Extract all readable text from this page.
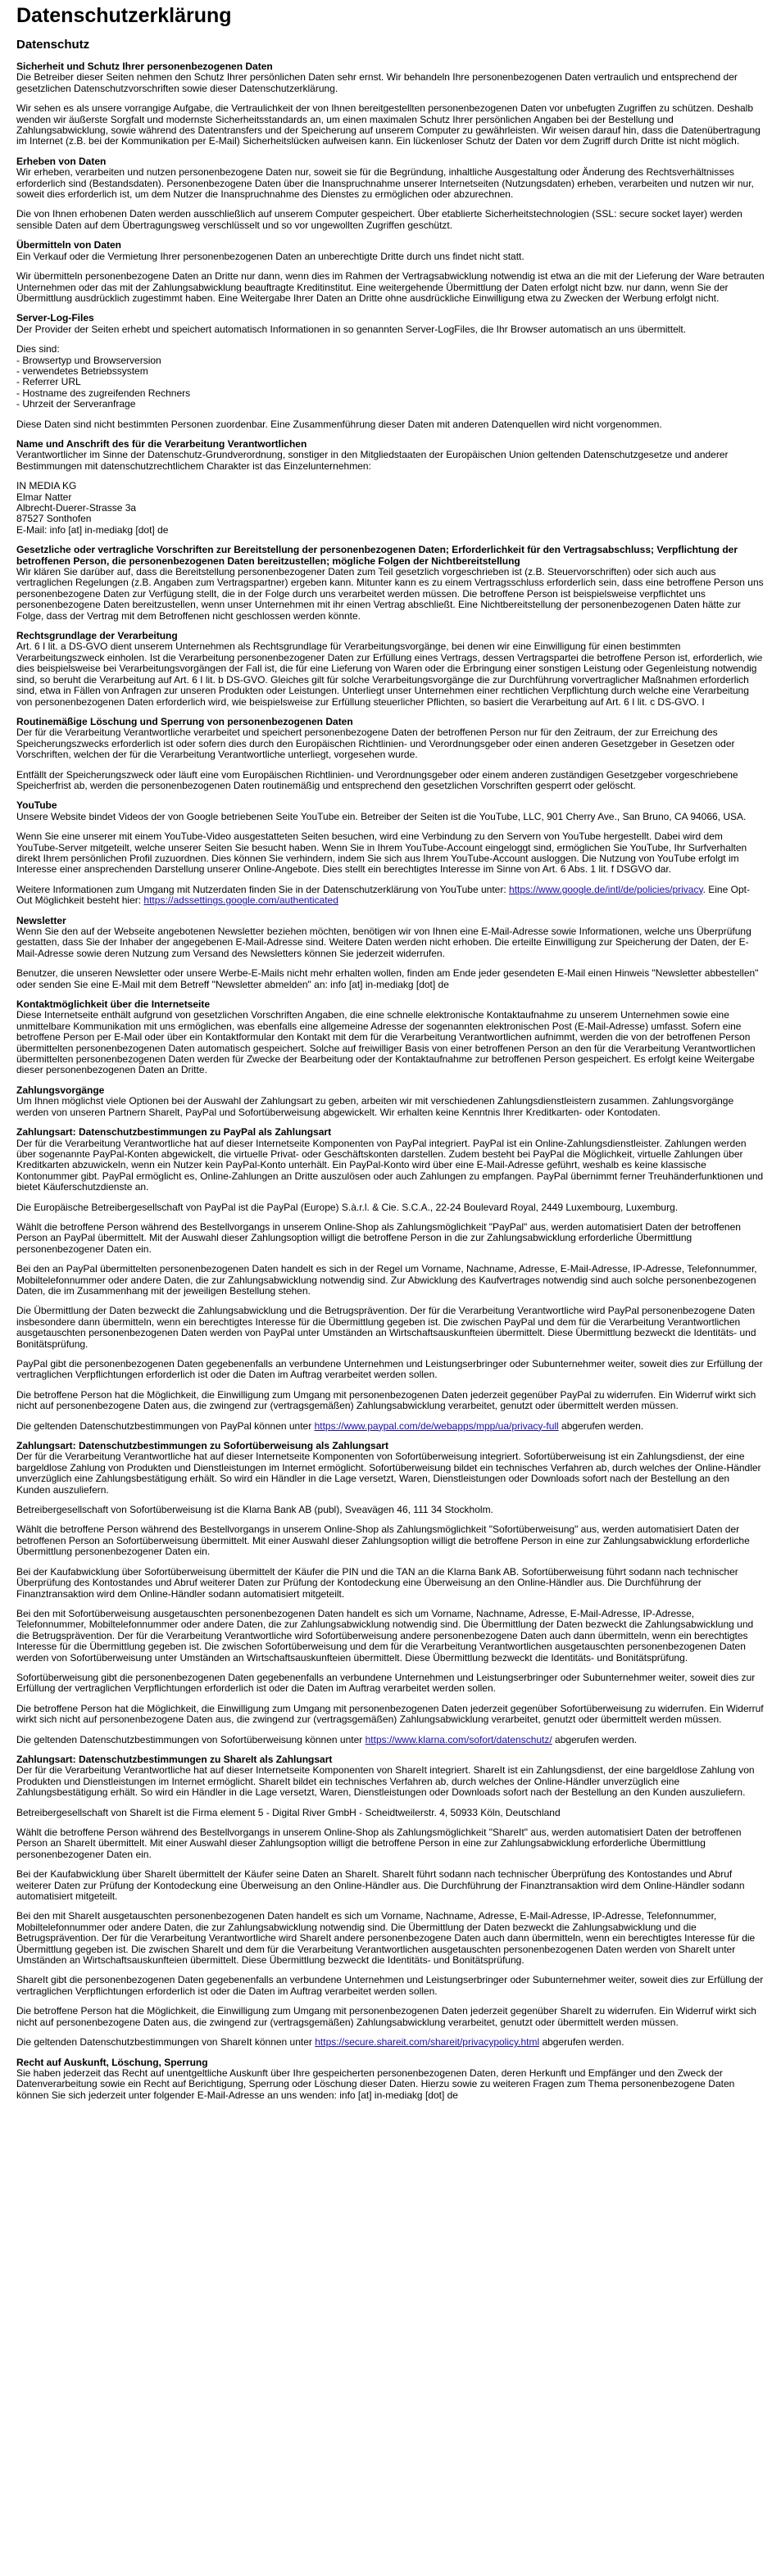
Datenschutzerklärung
Datenschutz
Sicherheit und Schutz Ihrer personenbezogenen Daten
Die Betreiber dieser Seiten nehmen den Schutz Ihrer persönlichen Daten sehr ernst. Wir behandeln Ihre personenbezogenen Daten vertraulich und entsprechend der gesetzlichen Datenschutzvorschriften sowie dieser Datenschutzerklärung.
Wir sehen es als unsere vorrangige Aufgabe, die Vertraulichkeit der von Ihnen bereitgestellten personenbezogenen Daten vor unbefugten Zugriffen zu schützen. Deshalb wenden wir äußerste Sorgfalt und modernste Sicherheitsstandards an, um einen maximalen Schutz Ihrer persönlichen Angaben bei der Bestellung und Zahlungsabwicklung, sowie während des Datentransfers und der Speicherung auf unserem Computer zu gewährleisten. Wir weisen darauf hin, dass die Datenübertragung im Internet (z.B. bei der Kommunikation per E-Mail) Sicherheitslücken aufweisen kann. Ein lückenloser Schutz der Daten vor dem Zugriff durch Dritte ist nicht möglich.
Erheben von Daten
Wir erheben, verarbeiten und nutzen personenbezogene Daten nur, soweit sie für die Begründung, inhaltliche Ausgestaltung oder Änderung des Rechtsverhältnisses erforderlich sind (Bestandsdaten). Personenbezogene Daten über die Inanspruchnahme unserer Internetseiten (Nutzungsdaten) erheben, verarbeiten und nutzen wir nur, soweit dies erforderlich ist, um dem Nutzer die Inanspruchnahme des Dienstes zu ermöglichen oder abzurechnen.
Die von Ihnen erhobenen Daten werden ausschließlich auf unserem Computer gespeichert. Über etablierte Sicherheitstechnologien (SSL: secure socket layer) werden sensible Daten auf dem Übertragungsweg verschlüsselt und so vor ungewollten Zugriffen geschützt.
Übermitteln von Daten
Ein Verkauf oder die Vermietung Ihrer personenbezogenen Daten an unberechtigte Dritte durch uns findet nicht statt.
Wir übermitteln personenbezogene Daten an Dritte nur dann, wenn dies im Rahmen der Vertragsabwicklung notwendig ist etwa an die mit der Lieferung der Ware betrauten Unternehmen oder das mit der Zahlungsabwicklung beauftragte Kreditinstitut. Eine weitergehende Übermittlung der Daten erfolgt nicht bzw. nur dann, wenn Sie der Übermittlung ausdrücklich zugestimmt haben. Eine Weitergabe Ihrer Daten an Dritte ohne ausdrückliche Einwilligung etwa zu Zwecken der Werbung erfolgt nicht.
Server-Log-Files
Der Provider der Seiten erhebt und speichert automatisch Informationen in so genannten Server-LogFiles, die Ihr Browser automatisch an uns übermittelt.
Dies sind:
- Browsertyp und Browserversion
- verwendetes Betriebssystem
- Referrer URL
- Hostname des zugreifenden Rechners
- Uhrzeit der Serveranfrage
Diese Daten sind nicht bestimmten Personen zuordenbar. Eine Zusammenführung dieser Daten mit anderen Datenquellen wird nicht vorgenommen.
Name und Anschrift des für die Verarbeitung Verantwortlichen
Verantwortlicher im Sinne der Datenschutz-Grundverordnung, sonstiger in den Mitgliedstaaten der Europäischen Union geltenden Datenschutzgesetze und anderer Bestimmungen mit datenschutzrechtlichem Charakter ist das Einzelunternehmen:
IN MEDIA KG
Elmar Natter
Albrecht-Duerer-Strasse 3a
87527 Sonthofen
E-Mail: info [at] in-mediakg [dot] de
Gesetzliche oder vertragliche Vorschriften zur Bereitstellung der personenbezogenen Daten; Erforderlichkeit für den Vertragsabschluss; Verpflichtung der betroffenen Person, die personenbezogenen Daten bereitzustellen; mögliche Folgen der Nichtbereitstellung
Wir klären Sie darüber auf, dass die Bereitstellung personenbezogener Daten zum Teil gesetzlich vorgeschrieben ist (z.B. Steuervorschriften) oder sich auch aus vertraglichen Regelungen (z.B. Angaben zum Vertragspartner) ergeben kann. Mitunter kann es zu einem Vertragsschluss erforderlich sein, dass eine betroffene Person uns personenbezogene Daten zur Verfügung stellt, die in der Folge durch uns verarbeitet werden müssen. Die betroffene Person ist beispielsweise verpflichtet uns personenbezogene Daten bereitzustellen, wenn unser Unternehmen mit ihr einen Vertrag abschließt. Eine Nichtbereitstellung der personenbezogenen Daten hätte zur Folge, dass der Vertrag mit dem Betroffenen nicht geschlossen werden könnte.
Rechtsgrundlage der Verarbeitung
Art. 6 I lit. a DS-GVO dient unserem Unternehmen als Rechtsgrundlage für Verarbeitungsvorgänge, bei denen wir eine Einwilligung für einen bestimmten Verarbeitungszweck einholen. Ist die Verarbeitung personenbezogener Daten zur Erfüllung eines Vertrags, dessen Vertragspartei die betroffene Person ist, erforderlich, wie dies beispielsweise bei Verarbeitungsvorgängen der Fall ist, die für eine Lieferung von Waren oder die Erbringung einer sonstigen Leistung oder Gegenleistung notwendig sind, so beruht die Verarbeitung auf Art. 6 I lit. b DS-GVO. Gleiches gilt für solche Verarbeitungsvorgänge die zur Durchführung vorvertraglicher Maßnahmen erforderlich sind, etwa in Fällen von Anfragen zur unseren Produkten oder Leistungen. Unterliegt unser Unternehmen einer rechtlichen Verpflichtung durch welche eine Verarbeitung von personenbezogenen Daten erforderlich wird, wie beispielsweise zur Erfüllung steuerlicher Pflichten, so basiert die Verarbeitung auf Art. 6 I lit. c DS-GVO. I
Routinemäßige Löschung und Sperrung von personenbezogenen Daten
Der für die Verarbeitung Verantwortliche verarbeitet und speichert personenbezogene Daten der betroffenen Person nur für den Zeitraum, der zur Erreichung des Speicherungszwecks erforderlich ist oder sofern dies durch den Europäischen Richtlinien- und Verordnungsgeber oder einen anderen Gesetzgeber in Gesetzen oder Vorschriften, welchen der für die Verarbeitung Verantwortliche unterliegt, vorgesehen wurde.
Entfällt der Speicherungszweck oder läuft eine vom Europäischen Richtlinien- und Verordnungsgeber oder einem anderen zuständigen Gesetzgeber vorgeschriebene Speicherfrist ab, werden die personenbezogenen Daten routinemäßig und entsprechend den gesetzlichen Vorschriften gesperrt oder gelöscht.
YouTube
Unsere Website bindet Videos der von Google betriebenen Seite YouTube ein. Betreiber der Seiten ist die YouTube, LLC, 901 Cherry Ave., San Bruno, CA 94066, USA.
Wenn Sie eine unserer mit einem YouTube-Video ausgestatteten Seiten besuchen, wird eine Verbindung zu den Servern von YouTube hergestellt. Dabei wird dem YouTube-Server mitgeteilt, welche unserer Seiten Sie besucht haben. Wenn Sie in Ihrem YouTube-Account eingeloggt sind, ermöglichen Sie YouTube, Ihr Surfverhalten direkt Ihrem persönlichen Profil zuzuordnen. Dies können Sie verhindern, indem Sie sich aus Ihrem YouTube-Account ausloggen. Die Nutzung von YouTube erfolgt im Interesse einer ansprechenden Darstellung unserer Online-Angebote. Dies stellt ein berechtigtes Interesse im Sinne von Art. 6 Abs. 1 lit. f DSGVO dar.
Weitere Informationen zum Umgang mit Nutzerdaten finden Sie in der Datenschutzerklärung von YouTube unter: https://www.google.de/intl/de/policies/privacy. Eine Opt-Out Möglichkeit besteht hier: https://adssettings.google.com/authenticated
Newsletter
Wenn Sie den auf der Webseite angebotenen Newsletter beziehen möchten, benötigen wir von Ihnen eine E-Mail-Adresse sowie Informationen, welche uns Überprüfung gestatten, dass Sie der Inhaber der angegebenen E-Mail-Adresse sind. Weitere Daten werden nicht erhoben. Die erteilte Einwilligung zur Speicherung der Daten, der E-Mail-Adresse sowie deren Nutzung zum Versand des Newsletters können Sie jederzeit widerrufen.
Benutzer, die unseren Newsletter oder unsere Werbe-E-Mails nicht mehr erhalten wollen, finden am Ende jeder gesendeten E-Mail einen Hinweis "Newsletter abbestellen" oder senden Sie eine E-Mail mit dem Betreff "Newsletter abmelden" an: info [at] in-mediakg [dot] de
Kontaktmöglichkeit über die Internetseite
Diese Internetseite enthält aufgrund von gesetzlichen Vorschriften Angaben, die eine schnelle elektronische Kontaktaufnahme zu unserem Unternehmen sowie eine unmittelbare Kommunikation mit uns ermöglichen, was ebenfalls eine allgemeine Adresse der sogenannten elektronischen Post (E-Mail-Adresse) umfasst. Sofern eine betroffene Person per E-Mail oder über ein Kontaktformular den Kontakt mit dem für die Verarbeitung Verantwortlichen aufnimmt, werden die von der betroffenen Person übermittelten personenbezogenen Daten automatisch gespeichert. Solche auf freiwilliger Basis von einer betroffenen Person an den für die Verarbeitung Verantwortlichen übermittelten personenbezogenen Daten werden für Zwecke der Bearbeitung oder der Kontaktaufnahme zur betroffenen Person gespeichert. Es erfolgt keine Weitergabe dieser personenbezogenen Daten an Dritte.
Zahlungsvorgänge
Um Ihnen möglichst viele Optionen bei der Auswahl der Zahlungsart zu geben, arbeiten wir mit verschiedenen Zahlungsdienstleistern zusammen. Zahlungsvorgänge werden von unseren Partnern Sharelt, PayPal und Sofortüberweisung abgewickelt. Wir erhalten keine Kenntnis Ihrer Kreditkarten- oder Kontodaten.
Zahlungsart: Datenschutzbestimmungen zu PayPal als Zahlungsart
Der für die Verarbeitung Verantwortliche hat auf dieser Internetseite Komponenten von PayPal integriert. PayPal ist ein Online-Zahlungsdienstleister. Zahlungen werden über sogenannte PayPal-Konten abgewickelt, die virtuelle Privat- oder Geschäftskonten darstellen. Zudem besteht bei PayPal die Möglichkeit, virtuelle Zahlungen über Kreditkarten abzuwickeln, wenn ein Nutzer kein PayPal-Konto unterhält. Ein PayPal-Konto wird über eine E-Mail-Adresse geführt, weshalb es keine klassische Kontonummer gibt. PayPal ermöglicht es, Online-Zahlungen an Dritte auszulösen oder auch Zahlungen zu empfangen. PayPal übernimmt ferner Treuhänderfunktionen und bietet Käuferschutzdienste an.
Die Europäische Betreibergesellschaft von PayPal ist die PayPal (Europe) S.à.r.l. & Cie. S.C.A., 22-24 Boulevard Royal, 2449 Luxembourg, Luxemburg.
Wählt die betroffene Person während des Bestellvorgangs in unserem Online-Shop als Zahlungsmöglichkeit "PayPal" aus, werden automatisiert Daten der betroffenen Person an PayPal übermittelt. Mit der Auswahl dieser Zahlungsoption willigt die betroffene Person in die zur Zahlungsabwicklung erforderliche Übermittlung personenbezogener Daten ein.
Bei den an PayPal übermittelten personenbezogenen Daten handelt es sich in der Regel um Vorname, Nachname, Adresse, E-Mail-Adresse, IP-Adresse, Telefonnummer, Mobiltelefonnummer oder andere Daten, die zur Zahlungsabwicklung notwendig sind. Zur Abwicklung des Kaufvertrages notwendig sind auch solche personenbezogenen Daten, die im Zusammenhang mit der jeweiligen Bestellung stehen.
Die Übermittlung der Daten bezweckt die Zahlungsabwicklung und die Betrugsprävention. Der für die Verarbeitung Verantwortliche wird PayPal personenbezogene Daten insbesondere dann übermitteln, wenn ein berechtigtes Interesse für die Übermittlung gegeben ist. Die zwischen PayPal und dem für die Verarbeitung Verantwortlichen ausgetauschten personenbezogenen Daten werden von PayPal unter Umständen an Wirtschaftsauskunfteien übermittelt. Diese Übermittlung bezweckt die Identitäts- und Bonitätsprüfung.
PayPal gibt die personenbezogenen Daten gegebenenfalls an verbundene Unternehmen und Leistungserbringer oder Subunternehmer weiter, soweit dies zur Erfüllung der vertraglichen Verpflichtungen erforderlich ist oder die Daten im Auftrag verarbeitet werden sollen.
Die betroffene Person hat die Möglichkeit, die Einwilligung zum Umgang mit personenbezogenen Daten jederzeit gegenüber PayPal zu widerrufen. Ein Widerruf wirkt sich nicht auf personenbezogene Daten aus, die zwingend zur (vertragsgemäßen) Zahlungsabwicklung verarbeitet, genutzt oder übermittelt werden müssen.
Die geltenden Datenschutzbestimmungen von PayPal können unter https://www.paypal.com/de/webapps/mpp/ua/privacy-full abgerufen werden.
Zahlungsart: Datenschutzbestimmungen zu Sofortüberweisung als Zahlungsart
Der für die Verarbeitung Verantwortliche hat auf dieser Internetseite Komponenten von Sofortüberweisung integriert. Sofortüberweisung ist ein Zahlungsdienst, der eine bargeldlose Zahlung von Produkten und Dienstleistungen im Internet ermöglicht. Sofortüberweisung bildet ein technisches Verfahren ab, durch welches der Online-Händler unverzüglich eine Zahlungsbestätigung erhält. So wird ein Händler in die Lage versetzt, Waren, Dienstleistungen oder Downloads sofort nach der Bestellung an den Kunden auszuliefern.
Betreibergesellschaft von Sofortüberweisung ist die Klarna Bank AB (publ), Sveavägen 46, 111 34 Stockholm.
Wählt die betroffene Person während des Bestellvorgangs in unserem Online-Shop als Zahlungsmöglichkeit "Sofortüberweisung" aus, werden automatisiert Daten der betroffenen Person an Sofortüberweisung übermittelt. Mit einer Auswahl dieser Zahlungsoption willigt die betroffene Person in eine zur Zahlungsabwicklung erforderliche Übermittlung personenbezogener Daten ein.
Bei der Kaufabwicklung über Sofortüberweisung übermittelt der Käufer die PIN und die TAN an die Klarna Bank AB. Sofortüberweisung führt sodann nach technischer Überprüfung des Kontostandes und Abruf weiterer Daten zur Prüfung der Kontodeckung eine Überweisung an den Online-Händler aus. Die Durchführung der Finanztransaktion wird dem Online-Händler sodann automatisiert mitgeteilt.
Bei den mit Sofortüberweisung ausgetauschten personenbezogenen Daten handelt es sich um Vorname, Nachname, Adresse, E-Mail-Adresse, IP-Adresse, Telefonnummer, Mobiltelefonnummer oder andere Daten, die zur Zahlungsabwicklung notwendig sind. Die Übermittlung der Daten bezweckt die Zahlungsabwicklung und die Betrugsprävention. Der für die Verarbeitung Verantwortliche wird Sofortüberweisung andere personenbezogene Daten auch dann übermitteln, wenn ein berechtigtes Interesse für die Übermittlung gegeben ist. Die zwischen Sofortüberweisung und dem für die Verarbeitung Verantwortlichen ausgetauschten personenbezogenen Daten werden von Sofortüberweisung unter Umständen an Wirtschaftsauskunfteien übermittelt. Diese Übermittlung bezweckt die Identitäts- und Bonitätsprüfung.
Sofortüberweisung gibt die personenbezogenen Daten gegebenenfalls an verbundene Unternehmen und Leistungserbringer oder Subunternehmer weiter, soweit dies zur Erfüllung der vertraglichen Verpflichtungen erforderlich ist oder die Daten im Auftrag verarbeitet werden sollen.
Die betroffene Person hat die Möglichkeit, die Einwilligung zum Umgang mit personenbezogenen Daten jederzeit gegenüber Sofortüberweisung zu widerrufen. Ein Widerruf wirkt sich nicht auf personenbezogene Daten aus, die zwingend zur (vertragsgemäßen) Zahlungsabwicklung verarbeitet, genutzt oder übermittelt werden müssen.
Die geltenden Datenschutzbestimmungen von Sofortüberweisung können unter https://www.klarna.com/sofort/datenschutz/ abgerufen werden.
Zahlungsart: Datenschutzbestimmungen zu ShareIt als Zahlungsart
Der für die Verarbeitung Verantwortliche hat auf dieser Internetseite Komponenten von ShareIt integriert. ShareIt ist ein Zahlungsdienst, der eine bargeldlose Zahlung von Produkten und Dienstleistungen im Internet ermöglicht. ShareIt bildet ein technisches Verfahren ab, durch welches der Online-Händler unverzüglich eine Zahlungsbestätigung erhält. So wird ein Händler in die Lage versetzt, Waren, Dienstleistungen oder Downloads sofort nach der Bestellung an den Kunden auszuliefern.
Betreibergesellschaft von ShareIt ist die Firma element 5 - Digital River GmbH - Scheidtweilerstr. 4, 50933 Köln, Deutschland
Wählt die betroffene Person während des Bestellvorgangs in unserem Online-Shop als Zahlungsmöglichkeit "ShareIt" aus, werden automatisiert Daten der betroffenen Person an ShareIt übermittelt. Mit einer Auswahl dieser Zahlungsoption willigt die betroffene Person in eine zur Zahlungsabwicklung erforderliche Übermittlung personenbezogener Daten ein.
Bei der Kaufabwicklung über ShareIt übermittelt der Käufer seine Daten an ShareIt. ShareIt führt sodann nach technischer Überprüfung des Kontostandes und Abruf weiterer Daten zur Prüfung der Kontodeckung eine Überweisung an den Online-Händler aus. Die Durchführung der Finanztransaktion wird dem Online-Händler sodann automatisiert mitgeteilt.
Bei den mit ShareIt ausgetauschten personenbezogenen Daten handelt es sich um Vorname, Nachname, Adresse, E-Mail-Adresse, IP-Adresse, Telefonnummer, Mobiltelefonnummer oder andere Daten, die zur Zahlungsabwicklung notwendig sind. Die Übermittlung der Daten bezweckt die Zahlungsabwicklung und die Betrugsprävention. Der für die Verarbeitung Verantwortliche wird ShareIt andere personenbezogene Daten auch dann übermitteln, wenn ein berechtigtes Interesse für die Übermittlung gegeben ist. Die zwischen ShareIt und dem für die Verarbeitung Verantwortlichen ausgetauschten personenbezogenen Daten werden von ShareIt unter Umständen an Wirtschaftsauskunfteien übermittelt. Diese Übermittlung bezweckt die Identitäts- und Bonitätsprüfung.
ShareIt gibt die personenbezogenen Daten gegebenenfalls an verbundene Unternehmen und Leistungserbringer oder Subunternehmer weiter, soweit dies zur Erfüllung der vertraglichen Verpflichtungen erforderlich ist oder die Daten im Auftrag verarbeitet werden sollen.
Die betroffene Person hat die Möglichkeit, die Einwilligung zum Umgang mit personenbezogenen Daten jederzeit gegenüber ShareIt zu widerrufen. Ein Widerruf wirkt sich nicht auf personenbezogene Daten aus, die zwingend zur (vertragsgemäßen) Zahlungsabwicklung verarbeitet, genutzt oder übermittelt werden müssen.
Die geltenden Datenschutzbestimmungen von ShareIt können unter https://secure.shareit.com/shareit/privacypolicy.html abgerufen werden.
Recht auf Auskunft, Löschung, Sperrung
Sie haben jederzeit das Recht auf unentgeltliche Auskunft über Ihre gespeicherten personenbezogenen Daten, deren Herkunft und Empfänger und den Zweck der Datenverarbeitung sowie ein Recht auf Berichtigung, Sperrung oder Löschung dieser Daten. Hierzu sowie zu weiteren Fragen zum Thema personenbezogene Daten können Sie sich jederzeit unter folgender E-Mail-Adresse an uns wenden: info [at] in-mediakg [dot] de
